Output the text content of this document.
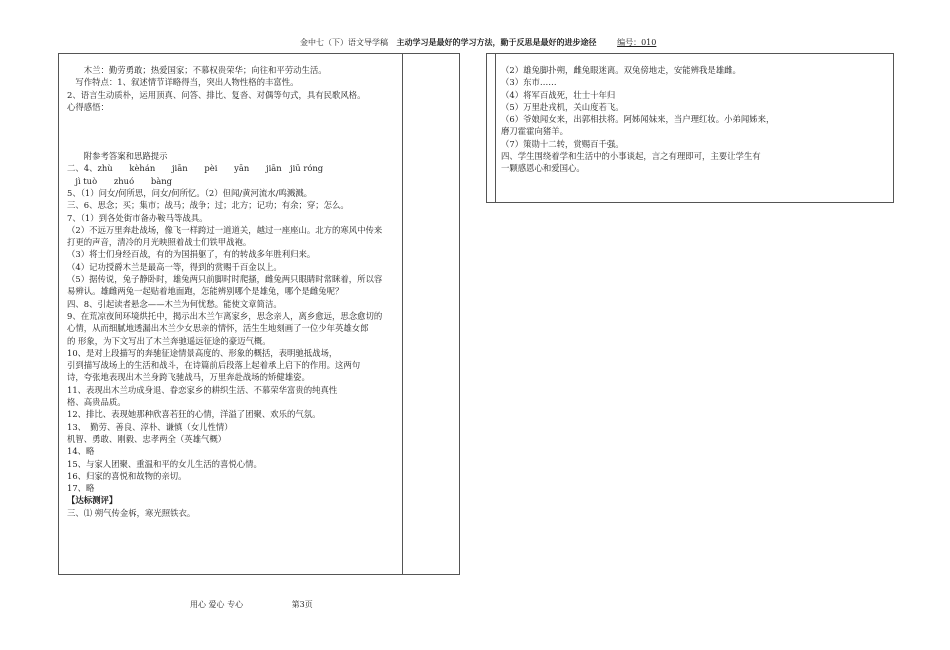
金中七（下）语文导学稿 主动学习是最好的学习方法，勤于反思是最好的进步途径	编号：010
　　木兰：勤劳勇敢；热爱国家；不慕权贵荣华；向往和平劳动生活。
　写作特点：1、叙述情节详略得当，突出人物性格的丰富性。
2、语言生动质朴，运用顶真、问答、排比、复沓、对偶等句式，具有民歌风格。
心得感悟：
　　附参考答案和思路提示
二、4、zhù　　kèhán　　jiān　　pèi　　yān　　jiān　jiū róng
　jì tuò　　zhuó　　bàng
5、（1）问女/何所思，问女/何所忆。（2）但闻/黄河流水/鸣溅溅。
三、6、思念；买；集市；战马；战争；过；北方；记功；有余；穿；怎么。
7、（1）到各处街市备办鞍马等战具。
（2）不远万里奔赴战场，像飞一样跨过一道道关，越过一座座山。北方的寒风中传来
打更的声音，清冷的月光映照着战士们铁甲战袍。
（3）将士们身经百战，有的为国捐躯了，有的转战多年胜利归来。
（4）记功授爵木兰是最高一等，得到的赏赐千百金以上。
（5）据传说，兔子静卧时，雄兔两只前脚时时爬搔，雌兔两只眼睛时常眯着，所以容
易辨认。雄雌两兔一起贴着地面跑，怎能辨别哪个是雄兔，哪个是雌兔呢？
四、8、引起读者悬念——木兰为何忧愁。能使文章简洁。
9、在荒凉夜间环境烘托中，揭示出木兰乍离家乡，思念亲人，离乡愈远，思念愈切的
心情，从而细腻地透漏出木兰少女思亲的情怀，活生生地刻画了一位少年英雄女郎
的 形象，为下文写出了木兰奔驰遥远征途的豪迈气概。
10、是对上段描写的奔驰征途情景高度的、形象的概括，表明驰抵战场，
引到描写战场上的生活和战斗，在诗篇前后段落上起着承上启下的作用。这两句
诗，夸张地表现出木兰身跨飞驰战马，万里奔赴战场的矫健雄姿。
11、表现出木兰功成身退、眷恋家乡的耕织生活、不慕荣华富贵的纯真性
格、高贵品质。
12、排比、表现她那种欣喜若狂的心情，洋溢了团聚、欢乐的气氛。
13、　勤劳、善良、淳朴、谦慎（女儿性情）
机智、勇敢、刚毅、忠孝两全（英雄气概）
14、略
15、与家人团聚、重温和平的女儿生活的喜悦心情。
16、归家的喜悦和故物的亲切。
17、略
【达标测评】
三、⑴ 朔气传金柝，寒光照铁衣。
（2）雄兔脚扑朔，雌兔眼迷离。双兔傍地走，安能辨我是雄雌。
（3）东市……
（4）将军百战死，壮士十年归
（5）万里赴戎机，关山度若飞。
（6）爷娘闻女来，出郭相扶将。阿姊闻妹来，当户理红妆。小弟闻姊来，
磨刀霍霍向猪羊。
（7）策勋十二转，赏赐百千强。
四、学生围绕着学和生活中的小事谈起，言之有理即可，主要让学生有
一颗感恩心和爱国心。
用心 爱心 专心	第3页
